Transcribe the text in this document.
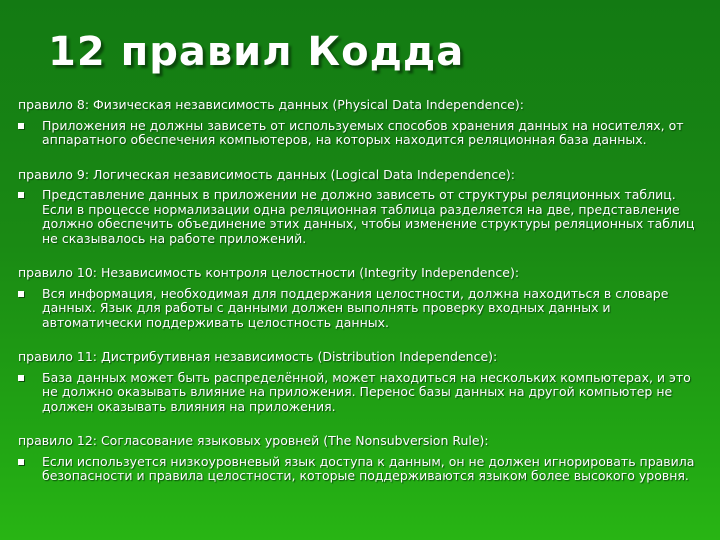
12 правил Кодда
правило 8: Физическая независимость данных (Physical Data Independence):
Приложения не должны зависеть от используемых способов хранения данных на носителях, от аппаратного обеспечения компьютеров, на которых находится реляционная база данных.
правило 9: Логическая независимость данных (Logical Data Independence):
Представление данных в приложении не должно зависеть от структуры реляционных таблиц. Если в процессе нормализации одна реляционная таблица разделяется на две, представление должно обеспечить объединение этих данных, чтобы изменение структуры реляционных таблиц не сказывалось на работе приложений.
правило 10: Независимость контроля целостности (Integrity Independence):
Вся информация, необходимая для поддержания целостности, должна находиться в словаре данных. Язык для работы с данными должен выполнять проверку входных данных и автоматически поддерживать целостность данных.
правило 11: Дистрибутивная независимость (Distribution Independence):
База данных может быть распределённой, может находиться на нескольких компьютерах, и это не должно оказывать влияние на приложения. Перенос базы данных на другой компьютер не должен оказывать влияния на приложения.
правило 12: Согласование языковых уровней (The Nonsubversion Rule):
Если используется низкоуровневый язык доступа к данным, он не должен игнорировать правила безопасности и правила целостности, которые поддерживаются языком более высокого уровня.
